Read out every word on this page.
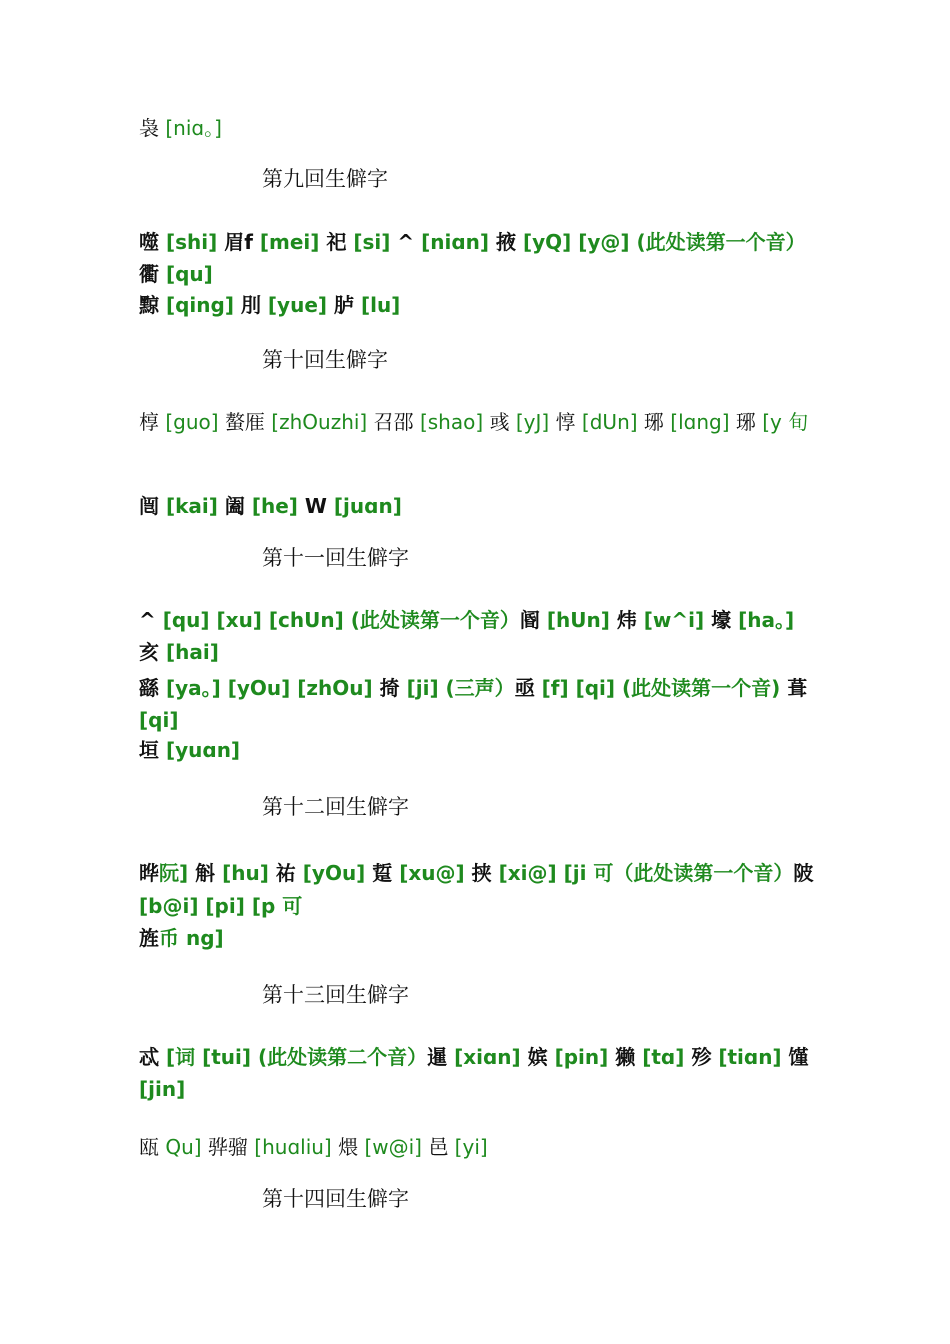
袅 [niɑ。]
第九回生僻字
噬 [shi] 眉f [mei] 祀 [si] ^ [niɑn] 掖 [yQ] [y@] (此处读第一个音）衢 [qu]
黥 [qing] 刖 [yue] 胪 [lu]
第十回生僻字
椁 [guo] 螯㕍 [zhOuzhi] 召邵 [shao] 彧 [yJ] 惇 [dUn] 琊 [lɑng] 琊 [y 旬
闿 [kai] 阖 [he] W [juɑn]
第十一回生僻字
^ [qu] [xu] [chUn] (此处读第一个音）阍 [hUn] 炜 [w^i] 壕 [ha。] 亥 [hai]
繇 [ya。] [yOu] [zhOu] 掎 [ji] (三声）亟 [f] [qi] (此处读第一个音) 葺 [qi]
垣 [yuɑn]
第十二回生僻字
晔阮] 斛 [hu] 祐 [yOu] 踅 [xu@] 挟 [xi@] [ji 可（此处读第一个音）陂 [b@i] [pi] [p 可
旌币 ng]
第十三回生僻字
忒 [词 [tui] (此处读第二个音）暹 [xiɑn] 嫔 [pin] 獭 [tɑ] 殄 [tiɑn] 馑 [jin]
瓯 Qu] 骅骝 [huɑliu] 煨 [w@i] 邑 [yi]
第十四回生僻字
